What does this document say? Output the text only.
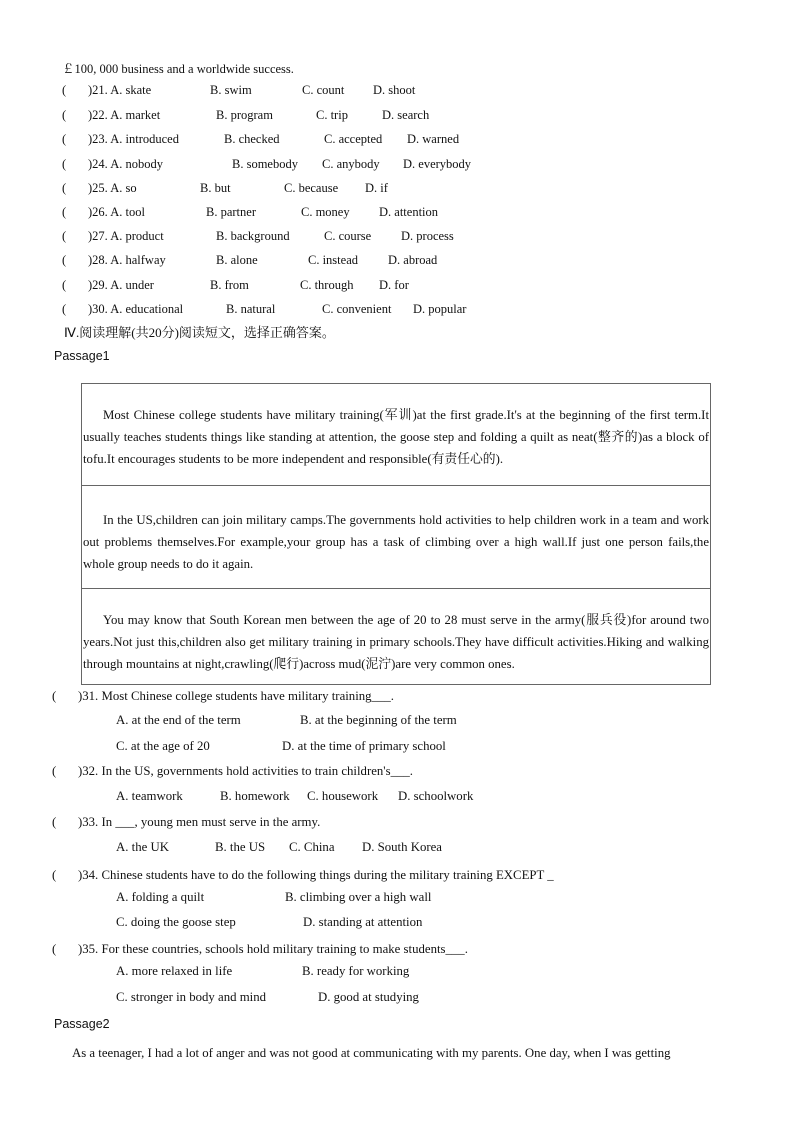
￡100, 000 business and a worldwide success.
( )21. A. skate	B. swim	C. count D. shoot
( )22. A. market	B. program	C. trip	D. search
( )23. A. introduced	B. checked	C. accepted D. warned
( )24. A. nobody	B. somebody C. anybody D. everybody
( )25. A. so	B. but	C. because D. if
( )26. A. tool	B. partner	C. money D. attention
( )27. A. product	B. background	C. course D. process
( )28. A. halfway	B. alone	C. instead D. abroad
( )29. A. under	B. from	C. through D. for
( )30. A. educational	B. natural	C. convenient D. popular
Ⅳ.阅读理解(共20分)阅读短文，选择正确答案。
Passage1
Most Chinese college students have military training(军训)at the first grade.It's at the beginning of the first term.It usually teaches students things like standing at attention, the goose step and folding a quilt as neat(整齐的)as a block of tofu.It encourages students to be more independent and responsible(有责任心的).
In the US,children can join military camps.The governments hold activities to help children work in a team and work out problems themselves.For example,your group has a task of climbing over a high wall.If just one person fails,the whole group needs to do it again.
You may know that South Korean men between the age of 20 to 28 must serve in the army(服兵役)for around two years.Not just this,children also get military training in primary schools.They have difficult activities.Hiking and walking through mountains at night,crawling(爬行)across mud(泥泞)are very common ones.
( )31. Most Chinese college students have military training___.
A. at the end of the term	B. at the beginning of the term
C. at the age of 20	D. at the time of primary school
( )32. In the US, governments hold activities to train children's___.
A. teamwork	B. homework C. housework D. schoolwork
( )33. In ___, young men must serve in the army.
A. the UK	B. the US C. China D. South Korea
( )34. Chinese students have to do the following things during the military training EXCEPT _
A. folding a quilt	B. climbing over a high wall
C. doing the goose step	D. standing at attention
( )35. For these countries, schools hold military training to make students___.
A. more relaxed in life	B. ready for working
C. stronger in body and mind	D. good at studying
Passage2
As a teenager, I had a lot of anger and was not good at communicating with my parents. One day, when I was getting
